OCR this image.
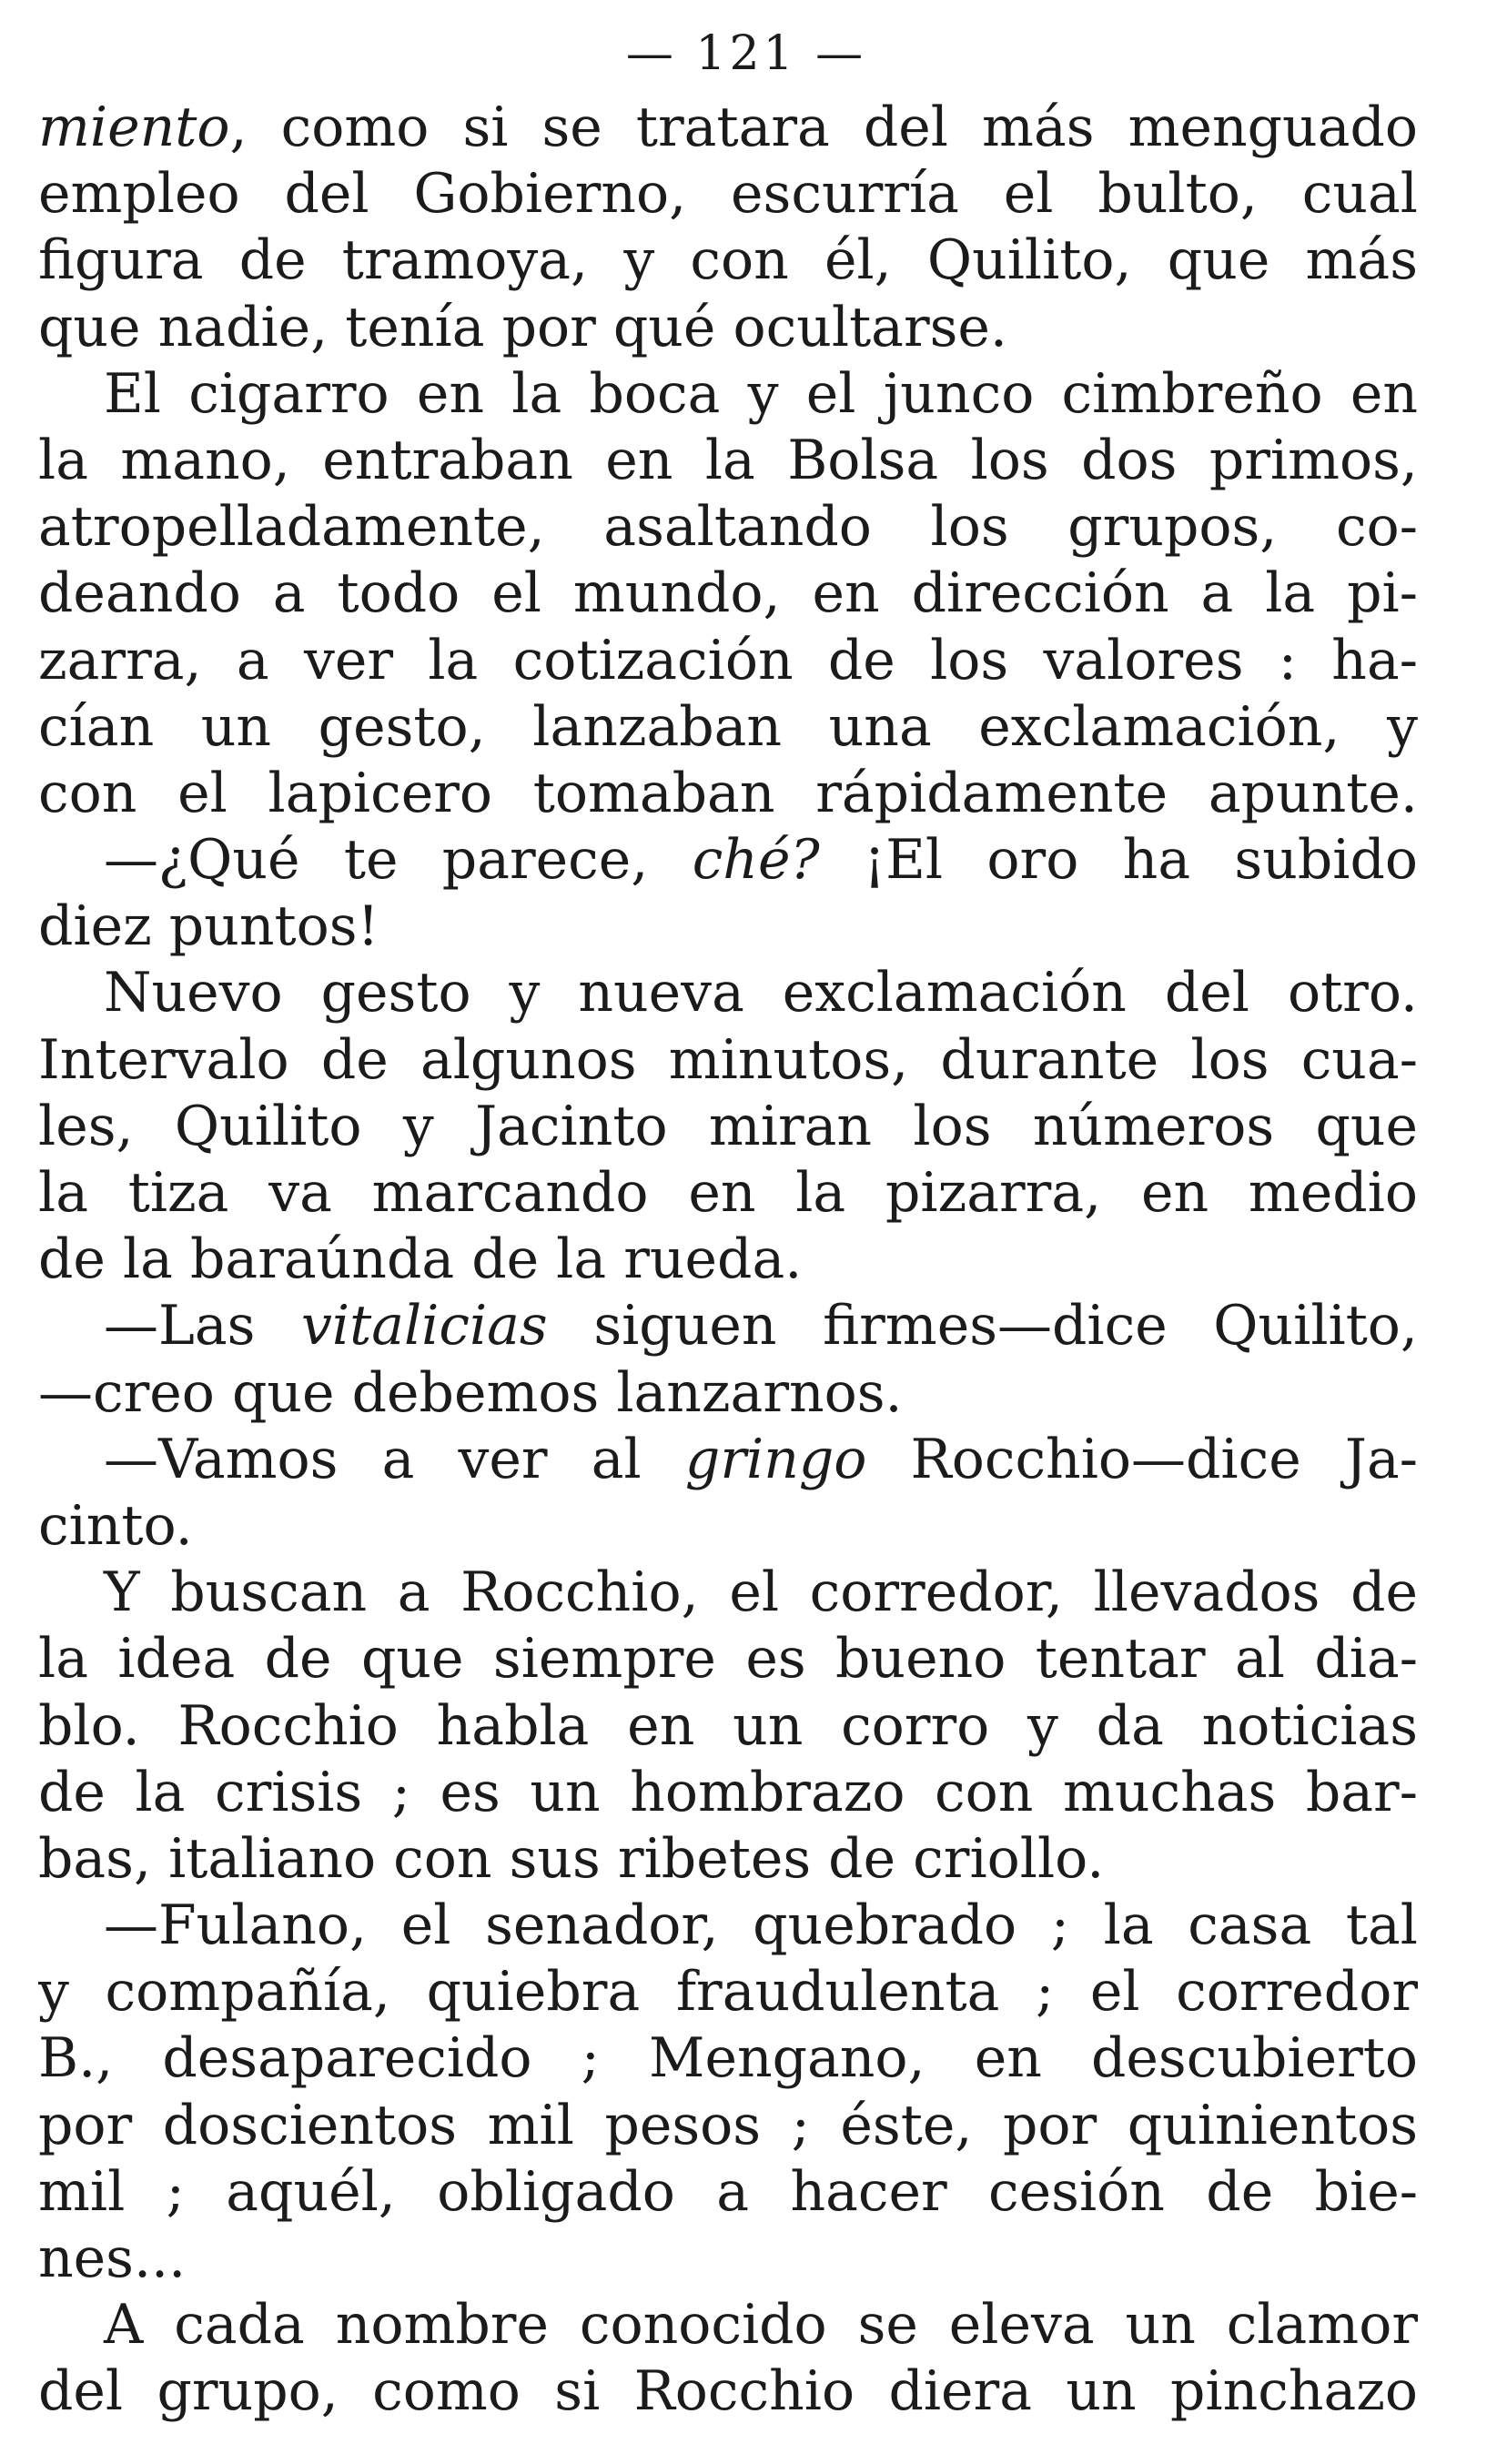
— 121 —
miento, como si se tratara del más menguado
empleo del Gobierno, escurría el bulto, cual
figura de tramoya, y con él, Quilito, que más
que nadie, tenía por qué ocultarse.
El cigarro en la boca y el junco cimbreño en
la mano, entraban en la Bolsa los dos primos,
atropelladamente, asaltando los grupos, co-
deando a todo el mundo, en dirección a la pi-
zarra, a ver la cotización de los valores : ha-
cían un gesto, lanzaban una exclamación, y
con el lapicero tomaban rápidamente apunte.
—¿Qué te parece, ché? ¡El oro ha subido
diez puntos!
Nuevo gesto y nueva exclamación del otro.
Intervalo de algunos minutos, durante los cua-
les, Quilito y Jacinto miran los números que
la tiza va marcando en la pizarra, en medio
de la baraúnda de la rueda.
—Las vitalicias siguen firmes—dice Quilito,
—creo que debemos lanzarnos.
—Vamos a ver al gringo Rocchio—dice Ja-
cinto.
Y buscan a Rocchio, el corredor, llevados de
la idea de que siempre es bueno tentar al dia-
blo. Rocchio habla en un corro y da noticias
de la crisis ; es un hombrazo con muchas bar-
bas, italiano con sus ribetes de criollo.
—Fulano, el senador, quebrado ; la casa tal
y compañía, quiebra fraudulenta ; el corredor
B., desaparecido ; Mengano, en descubierto
por doscientos mil pesos ; éste, por quinientos
mil ; aquél, obligado a hacer cesión de bie-
nes...
A cada nombre conocido se eleva un clamor
del grupo, como si Rocchio diera un pinchazo
